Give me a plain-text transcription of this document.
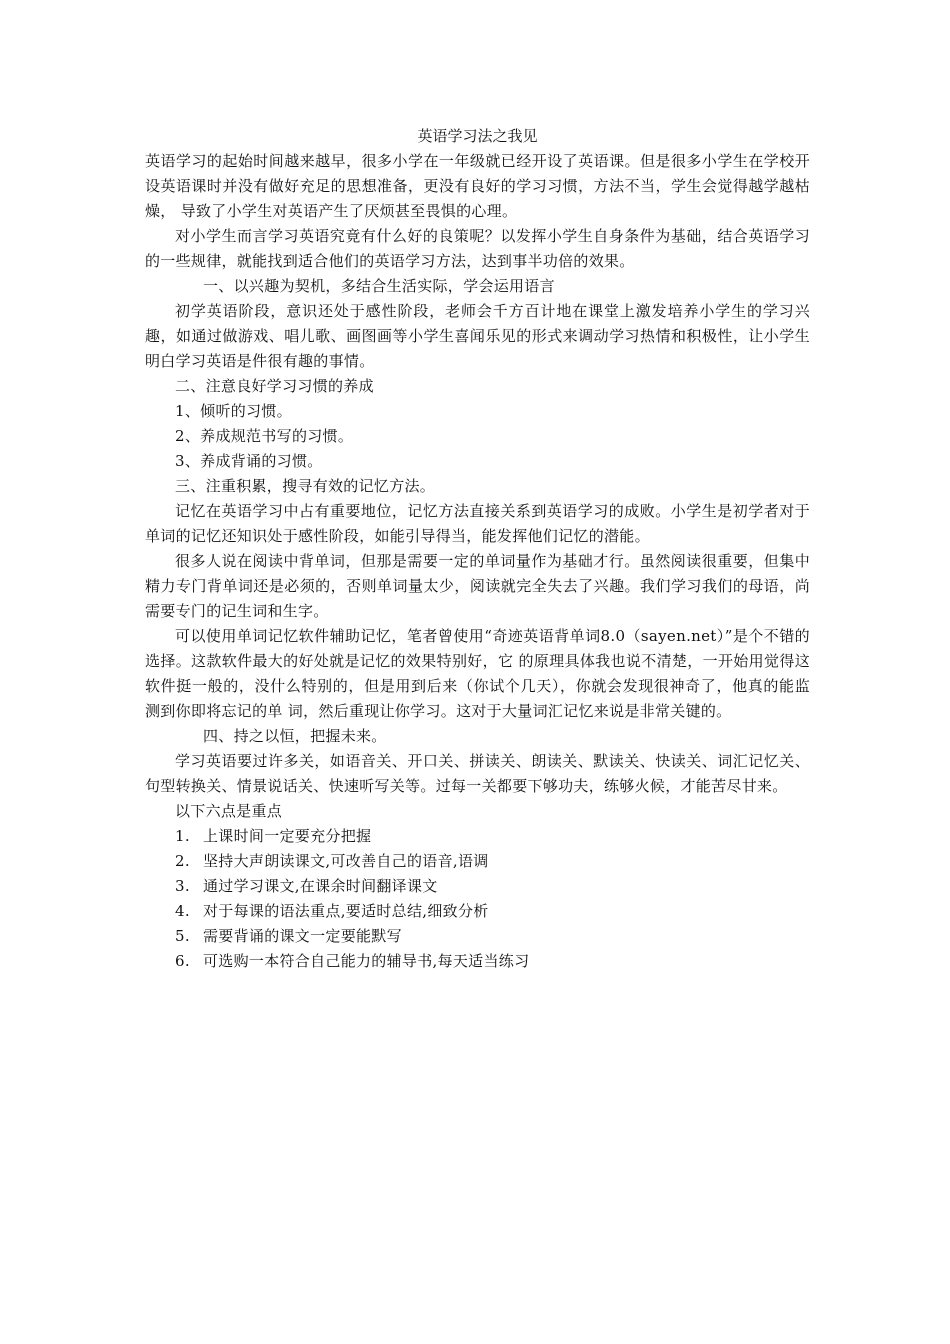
英语学习法之我见

英语学习的起始时间越来越早，很多小学在一年级就已经开设了英语课。但是很多小学生在学校开设英语课时并没有做好充足的思想准备，更没有良好的学习习惯，方法不当，学生会觉得越学越枯燥， 导致了小学生对英语产生了厌烦甚至畏惧的心理。

对小学生而言学习英语究竟有什么好的良策呢？以发挥小学生自身条件为基础，结合英语学习的一些规律，就能找到适合他们的英语学习方法，达到事半功倍的效果。

一、以兴趣为契机，多结合生活实际，学会运用语言

初学英语阶段，意识还处于感性阶段，老师会千方百计地在课堂上激发培养小学生的学习兴趣，如通过做游戏、唱儿歌、画图画等小学生喜闻乐见的形式来调动学习热情和积极性，让小学生明白学习英语是件很有趣的事情。

二、注意良好学习习惯的养成

1、倾听的习惯。

2、养成规范书写的习惯。

3、养成背诵的习惯。

三、注重积累，搜寻有效的记忆方法。

记忆在英语学习中占有重要地位，记忆方法直接关系到英语学习的成败。小学生是初学者对于单词的记忆还知识处于感性阶段，如能引导得当，能发挥他们记忆的潜能。

很多人说在阅读中背单词，但那是需要一定的单词量作为基础才行。虽然阅读很重要，但集中精力专门背单词还是必须的，否则单词量太少，阅读就完全失去了兴趣。我们学习我们的母语，尚需要专门的记生词和生字。

可以使用单词记忆软件辅助记忆，笔者曾使用“奇迹英语背单词8.0（sayen.net）”是个不错的选择。这款软件最大的好处就是记忆的效果特别好，它 的原理具体我也说不清楚，一开始用觉得这软件挺一般的，没什么特别的，但是用到后来（你试个几天），你就会发现很神奇了，他真的能监测到你即将忘记的单 词，然后重现让你学习。这对于大量词汇记忆来说是非常关键的。

四、持之以恒，把握未来。

学习英语要过许多关，如语音关、开口关、拼读关、朗读关、默读关、快读关、词汇记忆关、句型转换关、情景说话关、快速听写关等。过每一关都要下够功夫，练够火候，才能苦尽甘来。

以下六点是重点

1. 上课时间一定要充分把握

2. 坚持大声朗读课文,可改善自己的语音,语调

3. 通过学习课文,在课余时间翻译课文

4. 对于每课的语法重点,要适时总结,细致分析

5. 需要背诵的课文一定要能默写

6. 可选购一本符合自己能力的辅导书,每天适当练习
